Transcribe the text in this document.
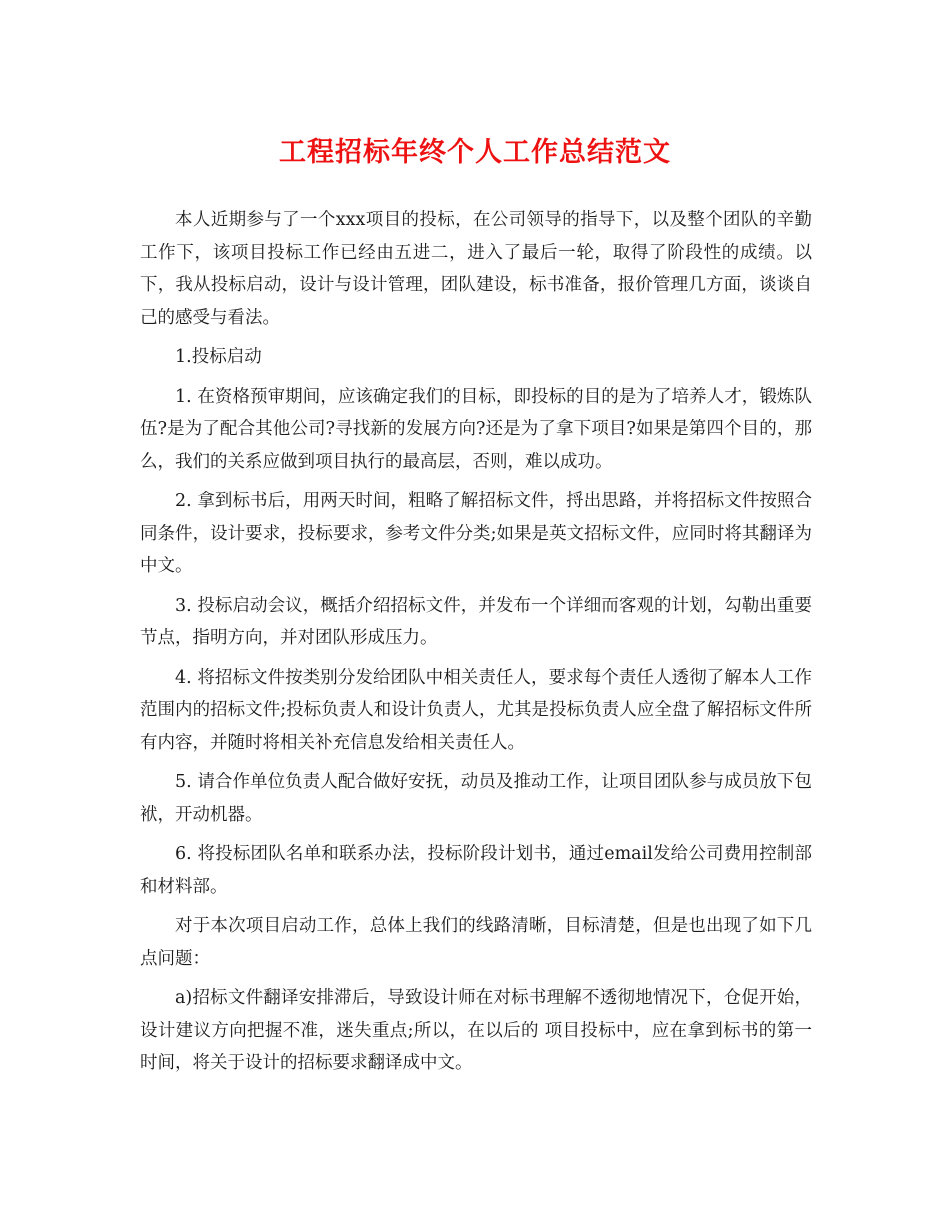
工程招标年终个人工作总结范文

本人近期参与了一个xxx项目的投标，在公司领导的指导下，以及整个团队的辛勤工作下，该项目投标工作已经由五进二，进入了最后一轮，取得了阶段性的成绩。以下，我从投标启动，设计与设计管理，团队建设，标书准备，报价管理几方面，谈谈自己的感受与看法。

1.投标启动

1. 在资格预审期间，应该确定我们的目标，即投标的目的是为了培养人才，锻炼队伍?是为了配合其他公司?寻找新的发展方向?还是为了拿下项目?如果是第四个目的，那么，我们的关系应做到项目执行的最高层，否则，难以成功。

2. 拿到标书后，用两天时间，粗略了解招标文件，捋出思路，并将招标文件按照合同条件，设计要求，投标要求，参考文件分类;如果是英文招标文件，应同时将其翻译为中文。

3. 投标启动会议，概括介绍招标文件，并发布一个详细而客观的计划，勾勒出重要节点，指明方向，并对团队形成压力。

4. 将招标文件按类别分发给团队中相关责任人，要求每个责任人透彻了解本人工作范围内的招标文件;投标负责人和设计负责人，尤其是投标负责人应全盘了解招标文件所有内容，并随时将相关补充信息发给相关责任人。

5. 请合作单位负责人配合做好安抚，动员及推动工作，让项目团队参与成员放下包袱，开动机器。

6. 将投标团队名单和联系办法，投标阶段计划书，通过email发给公司费用控制部和材料部。

对于本次项目启动工作，总体上我们的线路清晰，目标清楚，但是也出现了如下几点问题：

a)招标文件翻译安排滞后，导致设计师在对标书理解不透彻地情况下，仓促开始，设计建议方向把握不准，迷失重点;所以，在以后的 项目投标中，应在拿到标书的第一时间，将关于设计的招标要求翻译成中文。
